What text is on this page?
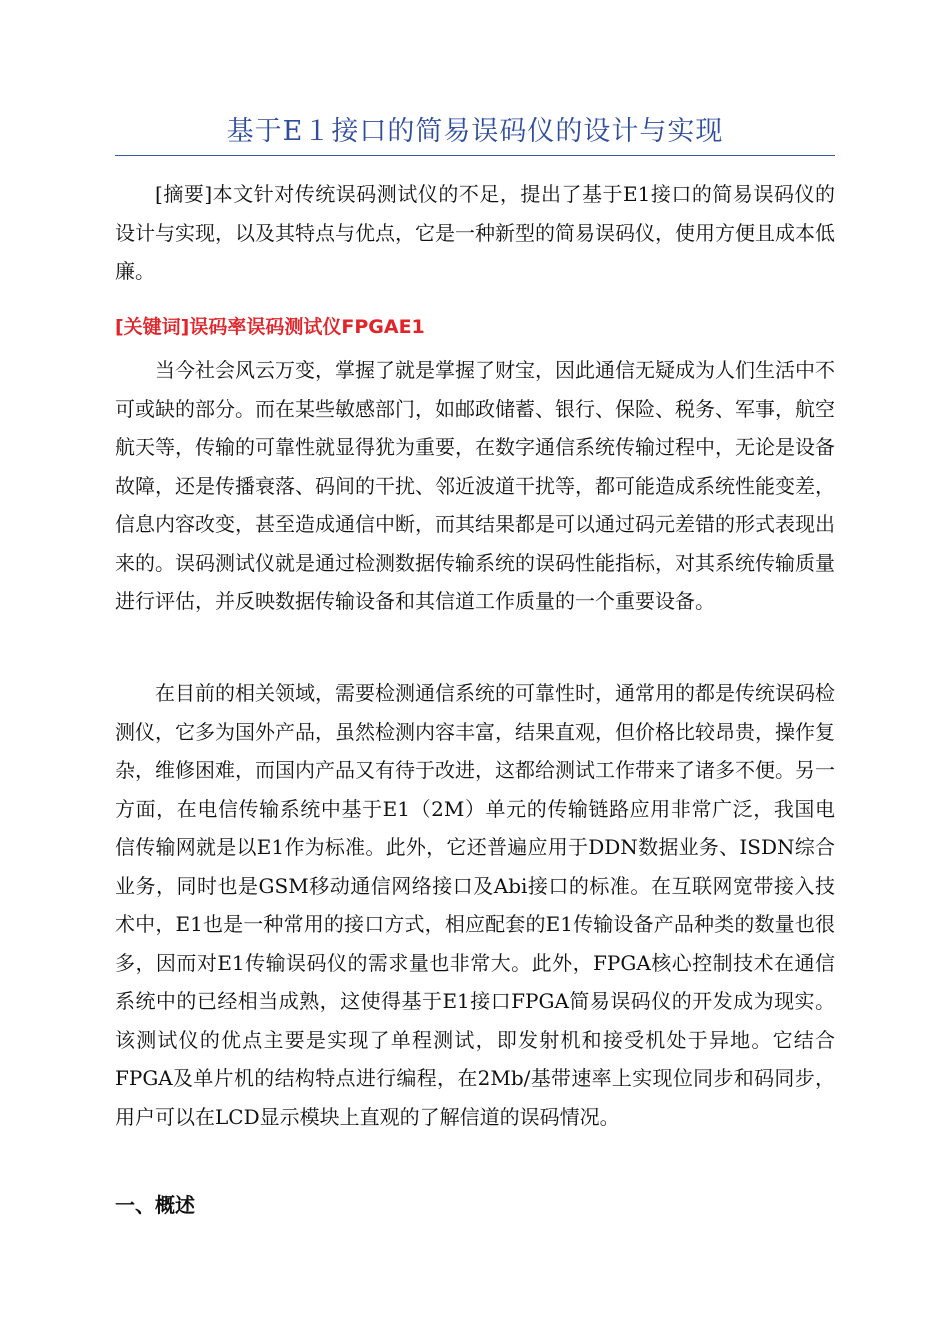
基于E１接口的简易误码仪的设计与实现

[摘要]本文针对传统误码测试仪的不足，提出了基于E1接口的简易误码仪的设计与实现，以及其特点与优点，它是一种新型的简易误码仪，使用方便且成本低廉。

[关键词]误码率误码测试仪FPGAE1

当今社会风云万变，掌握了就是掌握了财宝，因此通信无疑成为人们生活中不可或缺的部分。而在某些敏感部门，如邮政储蓄、银行、保险、税务、军事，航空航天等，传输的可靠性就显得犹为重要，在数字通信系统传输过程中，无论是设备故障，还是传播衰落、码间的干扰、邻近波道干扰等，都可能造成系统性能变差，信息内容改变，甚至造成通信中断，而其结果都是可以通过码元差错的形式表现出来的。误码测试仪就是通过检测数据传输系统的误码性能指标，对其系统传输质量进行评估，并反映数据传输设备和其信道工作质量的一个重要设备。

在目前的相关领域，需要检测通信系统的可靠性时，通常用的都是传统误码检测仪，它多为国外产品，虽然检测内容丰富，结果直观，但价格比较昂贵，操作复杂，维修困难，而国内产品又有待于改进，这都给测试工作带来了诸多不便。另一方面，在电信传输系统中基于E1（2M）单元的传输链路应用非常广泛，我国电信传输网就是以E1作为标准。此外，它还普遍应用于DDN数据业务、ISDN综合业务，同时也是GSM移动通信网络接口及Abi接口的标准。在互联网宽带接入技术中，E1也是一种常用的接口方式，相应配套的E1传输设备产品种类的数量也很多，因而对E1传输误码仪的需求量也非常大。此外，FPGA核心控制技术在通信系统中的已经相当成熟，这使得基于E1接口FPGA简易误码仪的开发成为现实。该测试仪的优点主要是实现了单程测试，即发射机和接受机处于异地。它结合FPGA及单片机的结构特点进行编程，在2Mb/基带速率上实现位同步和码同步，用户可以在LCD显示模块上直观的了解信道的误码情况。

一、概述
